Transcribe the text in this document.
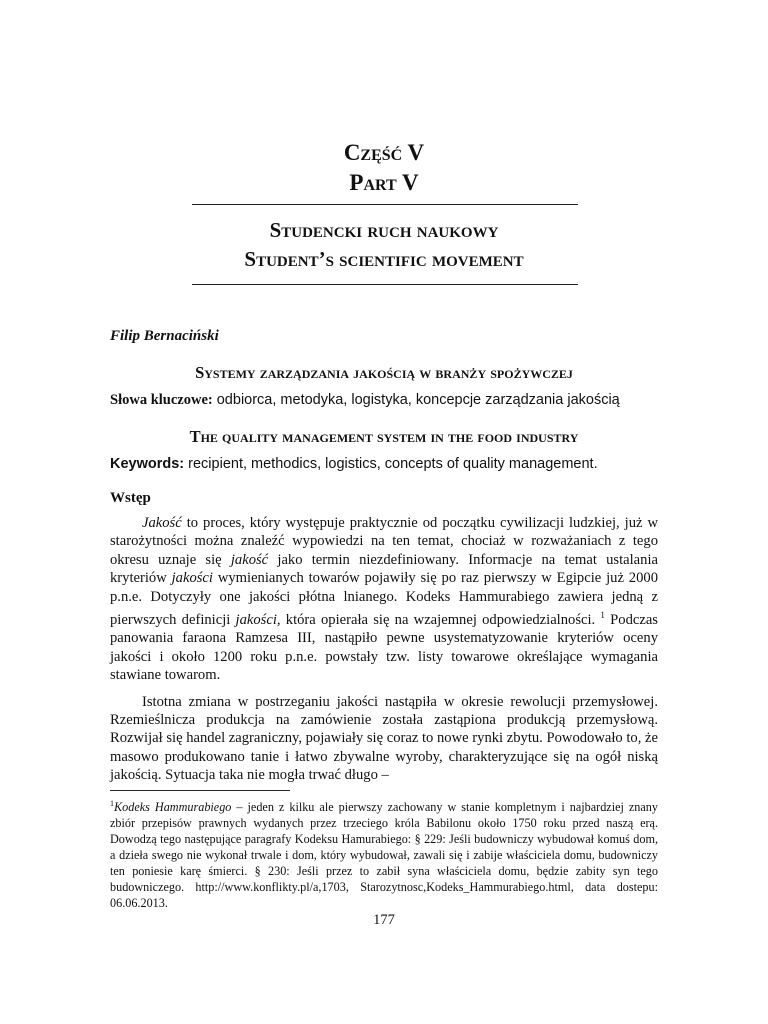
Część V
Part V
Studencki ruch naukowy
Student’s scientific movement
Filip Bernaciński
Systemy zarządzania jakością w branży spożywczej
Słowa kluczowe: odbiorca, metodyka, logistyka, koncepcje zarządzania jakością
The quality management system in the food industry
Keywords: recipient, methodics, logistics, concepts of quality management.
Wstęp

Jakość to proces, który występuje praktycznie od początku cywilizacji ludzkiej, już w starożytności można znaleźć wypowiedzi na ten temat, chociaż w rozważaniach z tego okresu uznaje się jakość jako termin niezdefiniowany. Informacje na temat ustalania kryteriów jakości wymienianych towarów pojawiły się po raz pierwszy w Egipcie już 2000 p.n.e. Dotyczyły one jakości płótna lnianego. Kodeks Hammurabiego zawiera jedną z pierwszych definicji jakości, która opierała się na wzajemnej odpowiedzialności. $^1$ Podczas panowania faraona Ramzesa III, nastąpiło pewne usystematyzowanie kryteriów oceny jakości i około 1200 roku p.n.e. powstały tzw. listy towarowe określające wymagania stawiane towarom.

Istotna zmiana w postrzeganiu jakości nastąpiła w okresie rewolucji przemysłowej. Rzemieślnicza produkcja na zamówienie została zastąpiona produkcją przemysłową. Rozwijał się handel zagraniczny, pojawiały się coraz to nowe rynki zbytu. Powodowało to, że masowo produkowano tanie i łatwo zbywalne wyroby, charakteryzujące się na ogół niską jakością. Sytuacja taka nie mogła trwać długo –

$^1$Kodeks Hammurabiego – jeden z kilku ale pierwszy zachowany w stanie kompletnym i najbardziej znany zbiór przepisów prawnych wydanych przez trzeciego króla Babilonu około 1750 roku przed naszą erą. Dowodzą tego następujące paragrafy Kodeksu Hamurabiego: § 229: Jeśli budowniczy wybudował komuś dom, a dzieła swego nie wykonał trwale i dom, który wybudował, zawali się i zabije właściciela domu, budowniczy ten poniesie karę śmierci. § 230: Jeśli przez to zabił syna właściciela domu, będzie zabity syn tego budowniczego. http://www.konflikty.pl/a,1703, Starozytnosc,Kodeks_Hammurabiego.html, data dostepu: 06.06.2013.
177
